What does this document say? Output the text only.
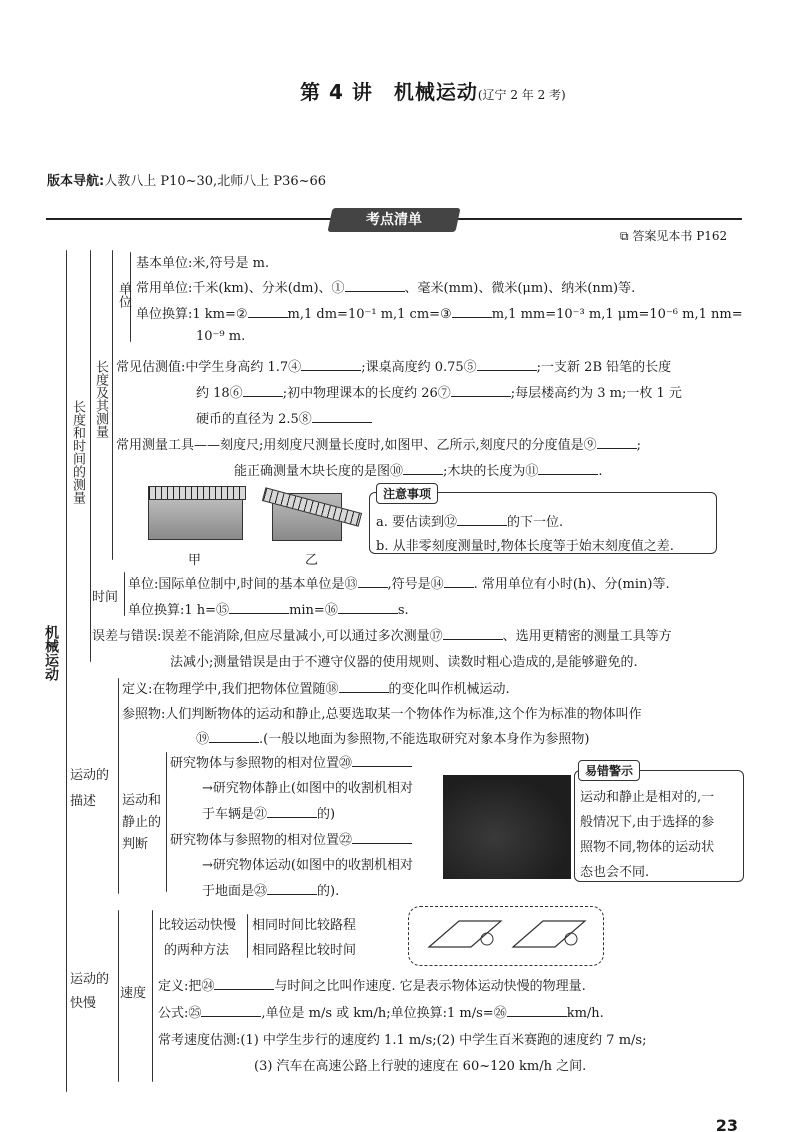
第 4 讲　机械运动(辽宁 2 年 2 考)
版本导航:人教八上 P10~30,北师八上 P36~66
考点清单
⧉ 答案见本书 P162
机械运动
长度和时间的测量
长度及其测量
单位
基本单位:米,符号是 m.
常用单位:千米(km)、分米(dm)、①	、毫米(mm)、微米(μm)、纳米(nm)等.
单位换算:1 km=②	m,1 dm=10⁻¹ m,1 cm=③	m,1 mm=10⁻³ m,1 μm=10⁻⁶ m,1 nm=
10⁻⁹ m.
常见估测值:中学生身高约 1.7④	;课桌高度约 0.75⑤	;一支新 2B 铅笔的长度
约 18⑥	;初中物理课本的长度约 26⑦	;每层楼高约为 3 m;一枚 1 元
硬币的直径为 2.5⑧
常用测量工具——刻度尺;用刻度尺测量长度时,如图甲、乙所示,刻度尺的分度值是⑨	;
能正确测量木块长度的是图⑩	;木块的长度为⑪	.
甲	乙
注意事项
a. 要估读到⑫	的下一位.
b. 从非零刻度测量时,物体长度等于始末刻度值之差.
时间
单位:国际单位制中,时间的基本单位是⑬ ,符号是⑭ . 常用单位有小时(h)、分(min)等.
单位换算:1 h=⑮	min=⑯	s.
误差与错误:误差不能消除,但应尽量减小,可以通过多次测量⑰	、选用更精密的测量工具等方
法减小;测量错误是由于不遵守仪器的使用规则、读数时粗心造成的,是能够避免的.
运动的描述
定义:在物理学中,我们把物体位置随⑱	的变化叫作机械运动.
参照物:人们判断物体的运动和静止,总要选取某一个物体作为标准,这个作为标准的物体叫作
⑲	.(一般以地面为参照物,不能选取研究对象本身作为参照物)
运动和静止的判断
研究物体与参照物的相对位置⑳
→研究物体静止(如图中的收割机相对
于车辆是㉑	的)
研究物体与参照物的相对位置㉒
→研究物体运动(如图中的收割机相对
于地面是㉓	的).
易错警示
运动和静止是相对的,一
般情况下,由于选择的参
照物不同,物体的运动状
态也会不同.
运动的快慢
速度
比较运动快慢
的两种方法
相同时间比较路程
相同路程比较时间
定义:把㉔	与时间之比叫作速度. 它是表示物体运动快慢的物理量.
公式:㉕	,单位是 m/s 或 km/h;单位换算:1 m/s=㉖	km/h.
常考速度估测:(1) 中学生步行的速度约 1.1 m/s;(2) 中学生百米赛跑的速度约 7 m/s;
(3) 汽车在高速公路上行驶的速度在 60~120 km/h 之间.
23
